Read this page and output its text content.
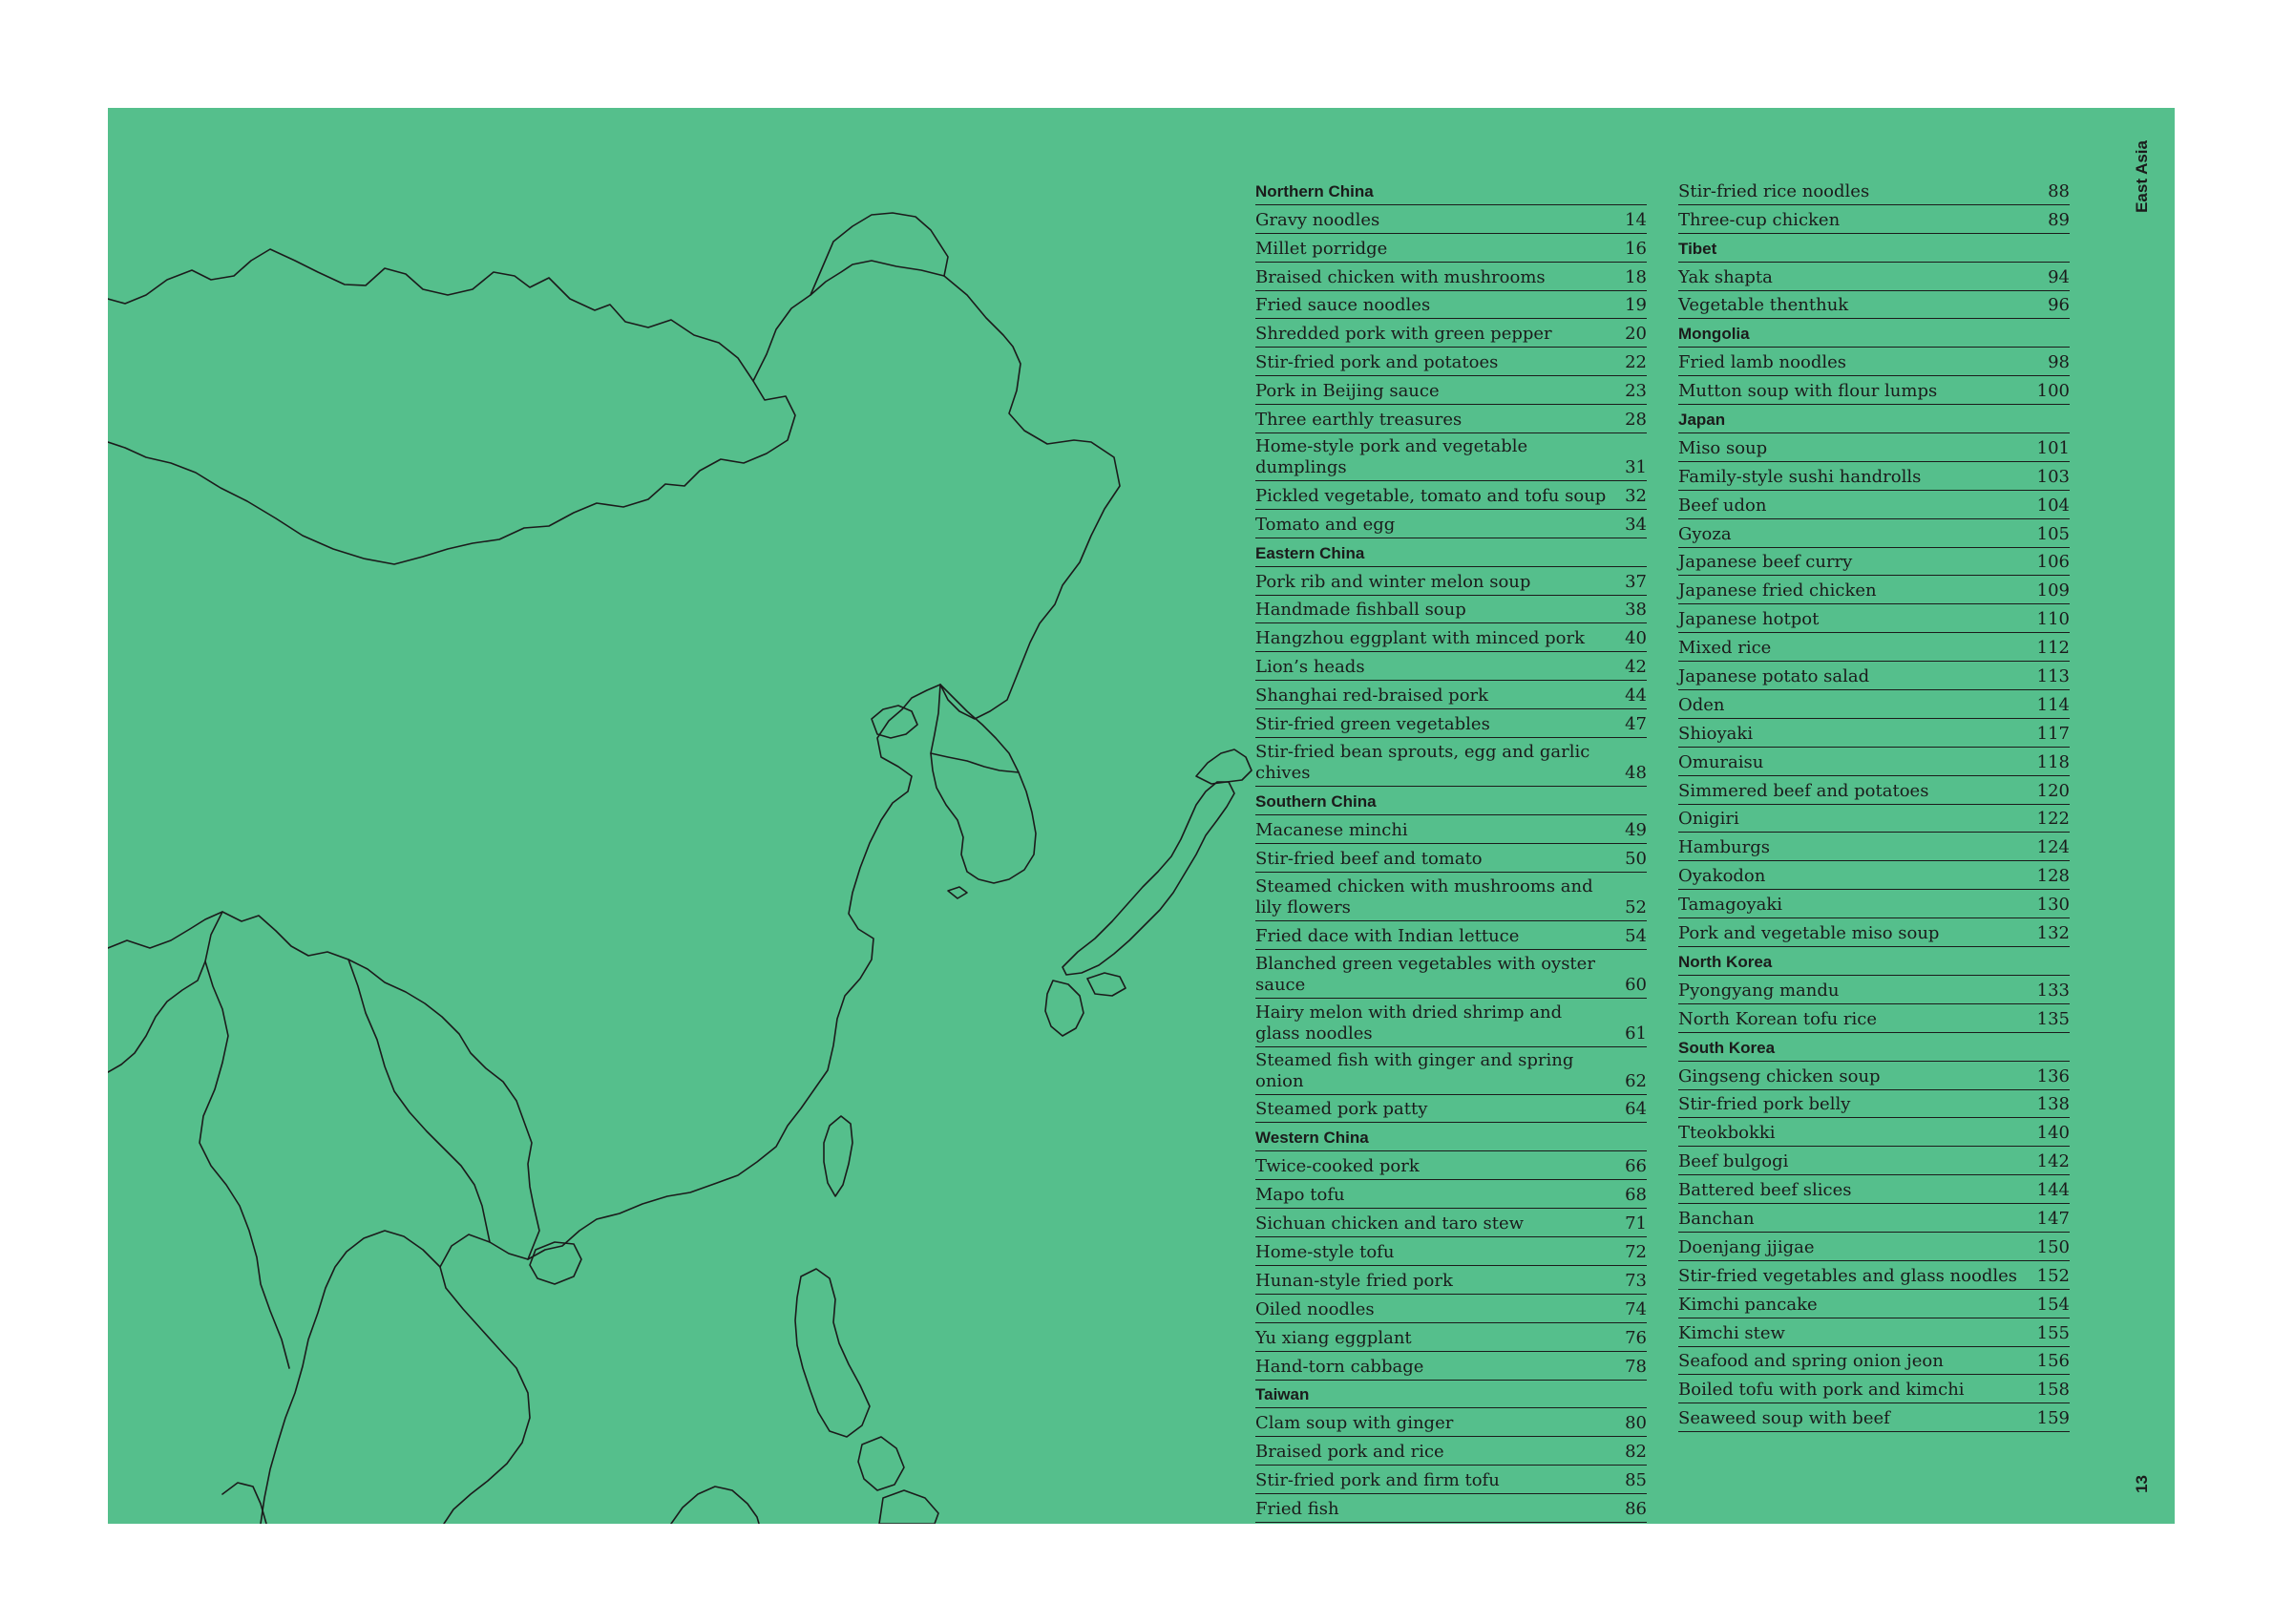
Northern China
Gravy noodles	14
Millet porridge	16
Braised chicken with mushrooms	18
Fried sauce noodles	19
Shredded pork with green pepper	20
Stir-fried pork and potatoes	22
Pork in Beijing sauce	23
Three earthly treasures	28
Home-style pork and vegetable dumplings	31
Pickled vegetable, tomato and tofu soup	32
Tomato and egg	34
Eastern China
Pork rib and winter melon soup	37
Handmade fishball soup	38
Hangzhou eggplant with minced pork	40
Lion’s heads	42
Shanghai red-braised pork	44
Stir-fried green vegetables	47
Stir-fried bean sprouts, egg and garlic chives	48
Southern China
Macanese minchi	49
Stir-fried beef and tomato	50
Steamed chicken with mushrooms and lily flowers	52
Fried dace with Indian lettuce	54
Blanched green vegetables with oyster sauce	60
Hairy melon with dried shrimp and glass noodles	61
Steamed fish with ginger and spring onion	62
Steamed pork patty	64
Western China
Twice-cooked pork	66
Mapo tofu	68
Sichuan chicken and taro stew	71
Home-style tofu	72
Hunan-style fried pork	73
Oiled noodles	74
Yu xiang eggplant	76
Hand-torn cabbage	78
Taiwan
Clam soup with ginger	80
Braised pork and rice	82
Stir-fried pork and firm tofu	85
Fried fish	86
Stir-fried rice noodles	88
Three-cup chicken	89
Tibet
Yak shapta	94
Vegetable thenthuk	96
Mongolia
Fried lamb noodles	98
Mutton soup with flour lumps	100
Japan
Miso soup	101
Family-style sushi handrolls	103
Beef udon	104
Gyoza	105
Japanese beef curry	106
Japanese fried chicken	109
Japanese hotpot	110
Mixed rice	112
Japanese potato salad	113
Oden	114
Shioyaki	117
Omuraisu	118
Simmered beef and potatoes	120
Onigiri	122
Hamburgs	124
Oyakodon	128
Tamagoyaki	130
Pork and vegetable miso soup	132
North Korea
Pyongyang mandu	133
North Korean tofu rice	135
South Korea
Gingseng chicken soup	136
Stir-fried pork belly	138
Tteokbokki	140
Beef bulgogi	142
Battered beef slices	144
Banchan	147
Doenjang jjigae	150
Stir-fried vegetables and glass noodles	152
Kimchi pancake	154
Kimchi stew	155
Seafood and spring onion jeon	156
Boiled tofu with pork and kimchi	158
Seaweed soup with beef	159
East Asia
13
